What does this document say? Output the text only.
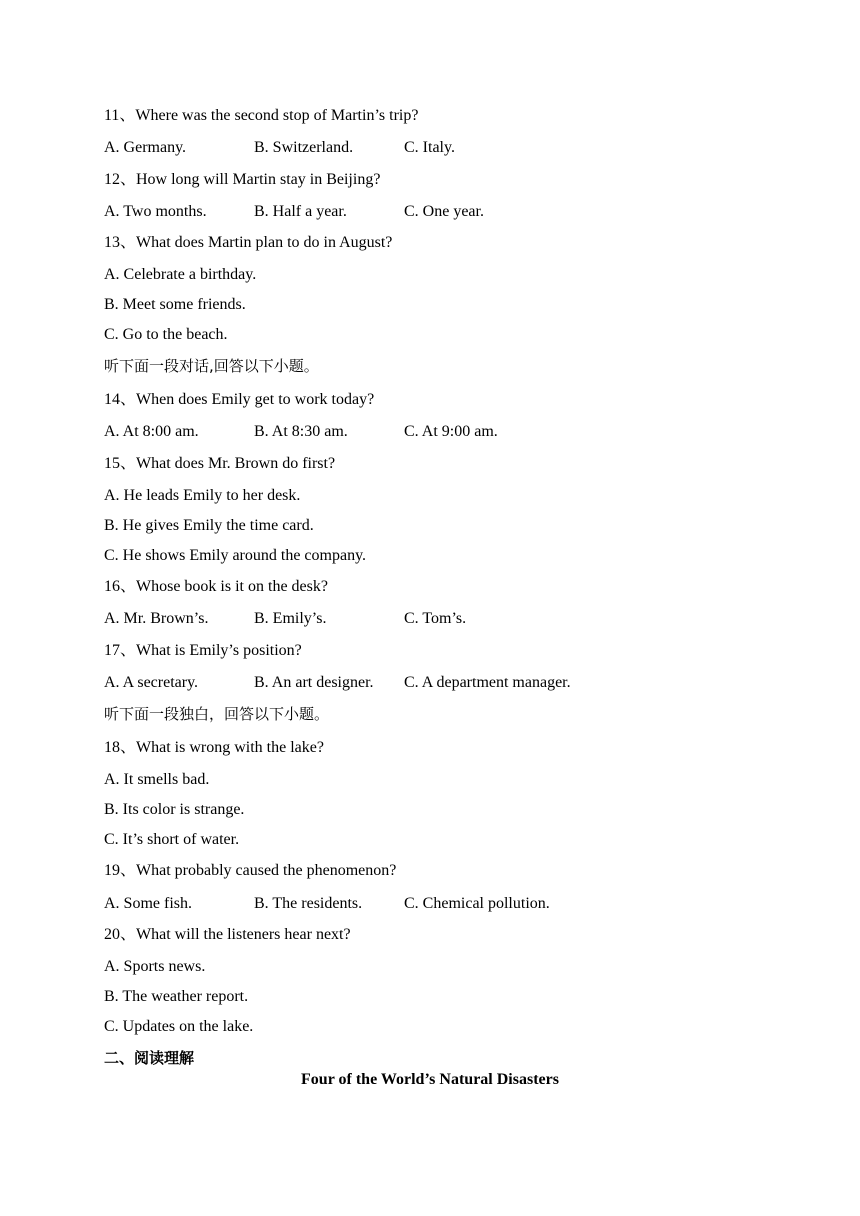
11、Where was the second stop of Martin’s trip?
A. Germany.	B. Switzerland.	C. Italy.
12、How long will Martin stay in Beijing?
A. Two months.	B. Half a year.	C. One year.
13、What does Martin plan to do in August?
A. Celebrate a birthday.
B. Meet some friends.
C. Go to the beach.
听下面一段对话,回答以下小题。
14、When does Emily get to work today?
A. At 8:00 am.	B. At 8:30 am.	C. At 9:00 am.
15、What does Mr. Brown do first?
A. He leads Emily to her desk.
B. He gives Emily the time card.
C. He shows Emily around the company.
16、Whose book is it on the desk?
A. Mr. Brown’s.	B. Emily’s.	C. Tom’s.
17、What is Emily’s position?
A. A secretary.	B. An art designer. C. A department manager.
听下面一段独白，回答以下小题。
18、What is wrong with the lake?
A. It smells bad.
B. Its color is strange.
C. It’s short of water.
19、What probably caused the phenomenon?
A. Some fish.	B. The residents.	C. Chemical pollution.
20、What will the listeners hear next?
A. Sports news.
B. The weather report.
C. Updates on the lake.
二、阅读理解
Four of the World’s Natural Disasters
